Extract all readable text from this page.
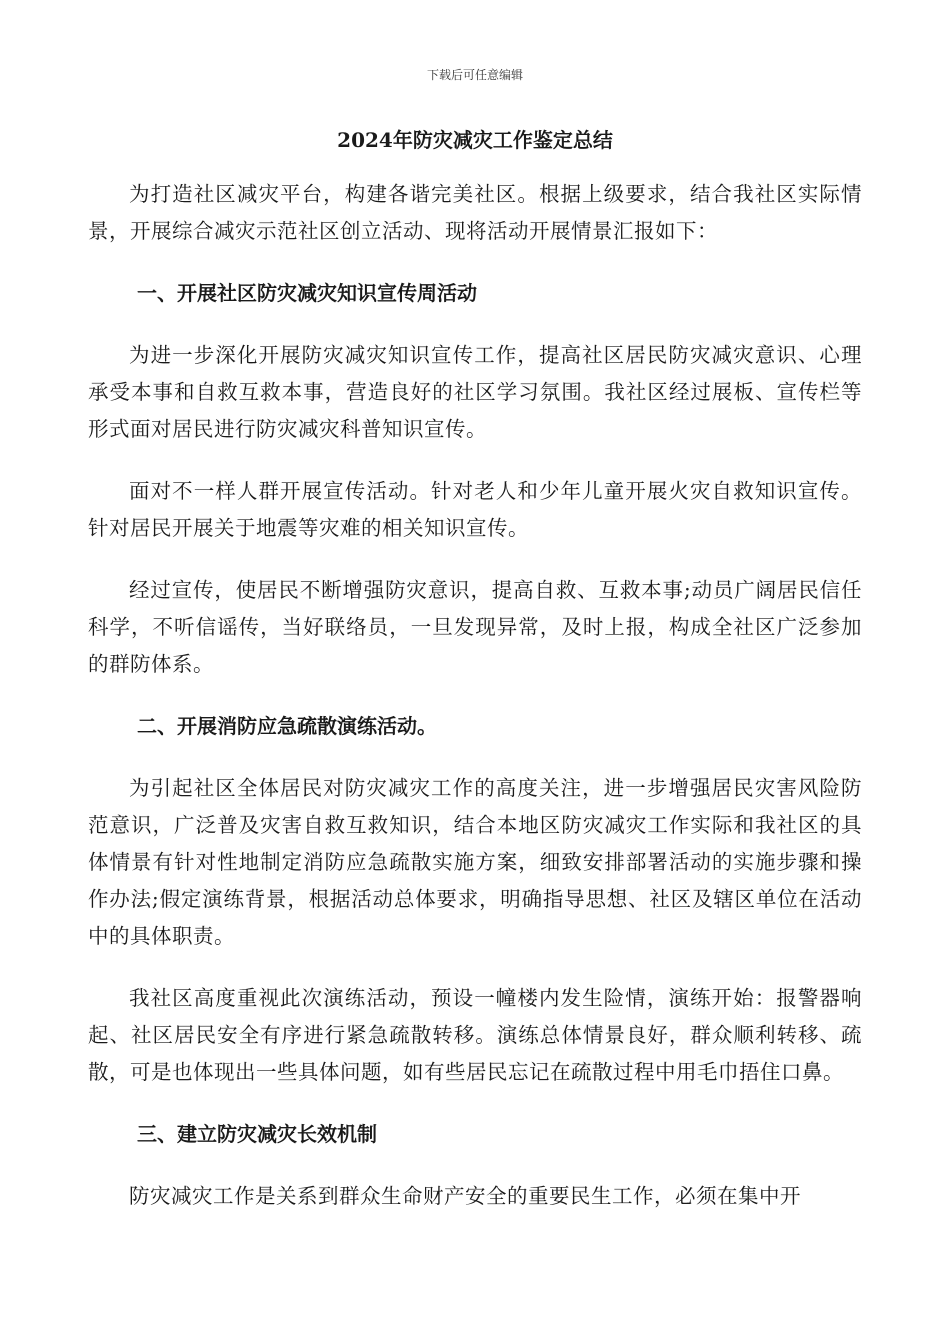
下载后可任意编辑
2024年防灾减灾工作鉴定总结

为打造社区减灾平台，构建各谐完美社区。根据上级要求，结合我社区实际情景，开展综合减灾示范社区创立活动、现将活动开展情景汇报如下：

一、开展社区防灾减灾知识宣传周活动

为进一步深化开展防灾减灾知识宣传工作，提高社区居民防灾减灾意识、心理承受本事和自救互救本事，营造良好的社区学习氛围。我社区经过展板、宣传栏等形式面对居民进行防灾减灾科普知识宣传。

面对不一样人群开展宣传活动。针对老人和少年儿童开展火灾自救知识宣传。针对居民开展关于地震等灾难的相关知识宣传。

经过宣传，使居民不断增强防灾意识，提高自救、互救本事;动员广阔居民信任科学，不听信谣传，当好联络员，一旦发现异常，及时上报，构成全社区广泛参加的群防体系。

二、开展消防应急疏散演练活动。

为引起社区全体居民对防灾减灾工作的高度关注，进一步增强居民灾害风险防范意识，广泛普及灾害自救互救知识，结合本地区防灾减灾工作实际和我社区的具体情景有针对性地制定消防应急疏散实施方案，细致安排部署活动的实施步骤和操作办法;假定演练背景，根据活动总体要求，明确指导思想、社区及辖区单位在活动中的具体职责。

我社区高度重视此次演练活动，预设一幢楼内发生险情，演练开始：报警器响起、社区居民安全有序进行紧急疏散转移。演练总体情景良好，群众顺利转移、疏散，可是也体现出一些具体问题，如有些居民忘记在疏散过程中用毛巾捂住口鼻。

三、建立防灾减灾长效机制

防灾减灾工作是关系到群众生命财产安全的重要民生工作，必须在集中开
